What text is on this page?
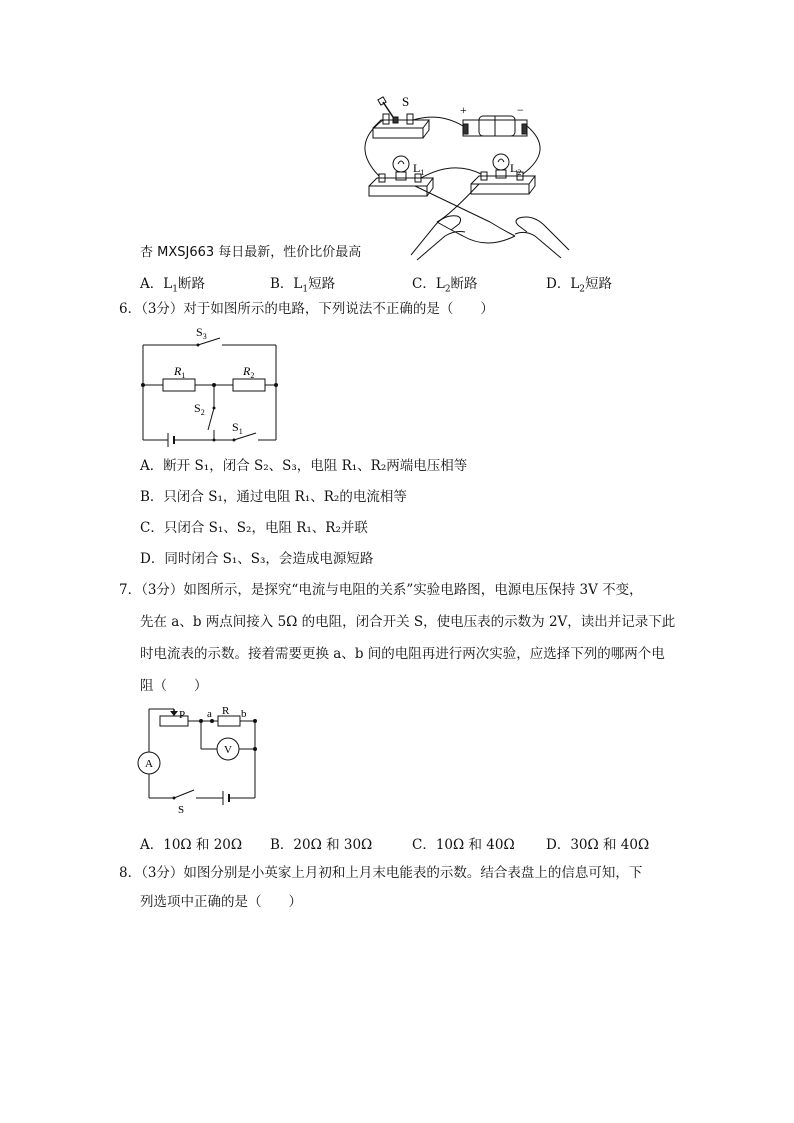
S
+	−
$L_1$	$L_2$
杏 MXSJ663 每日最新，性价比价最高
A．$L_1$断路	B．$L_1$短路	C．$L_2$断路	D．$L_2$短路
6．（3分）对于如图所示的电路，下列说法不正确的是（　　）
$S_3$
$R_1$	$R_2$
$S_2$
$S_1$
A．断开 S₁，闭合 S₂、S₃，电阻 R₁、R₂两端电压相等
B．只闭合 S₁，通过电阻 R₁、R₂的电流相等
C．只闭合 S₁、S₂，电阻 R₁、R₂并联
D．同时闭合 S₁、S₃，会造成电源短路
7．（3分）如图所示，是探究“电流与电阻的关系”实验电路图，电源电压保持 3V 不变，
先在 a、b 两点间接入 5Ω 的电阻，闭合开关 S，使电压表的示数为 2V，读出并记录下此
时电流表的示数。接着需要更换 a、b 间的电阻再进行两次实验，应选择下列的哪两个电
阻（　　）
P a R b
V
A
S
A．10Ω 和 20Ω B．20Ω 和 30Ω	C．10Ω 和 40Ω D．30Ω 和 40Ω
8．（3分）如图分别是小英家上月初和上月末电能表的示数。结合表盘上的信息可知，下
列选项中正确的是（　　）
